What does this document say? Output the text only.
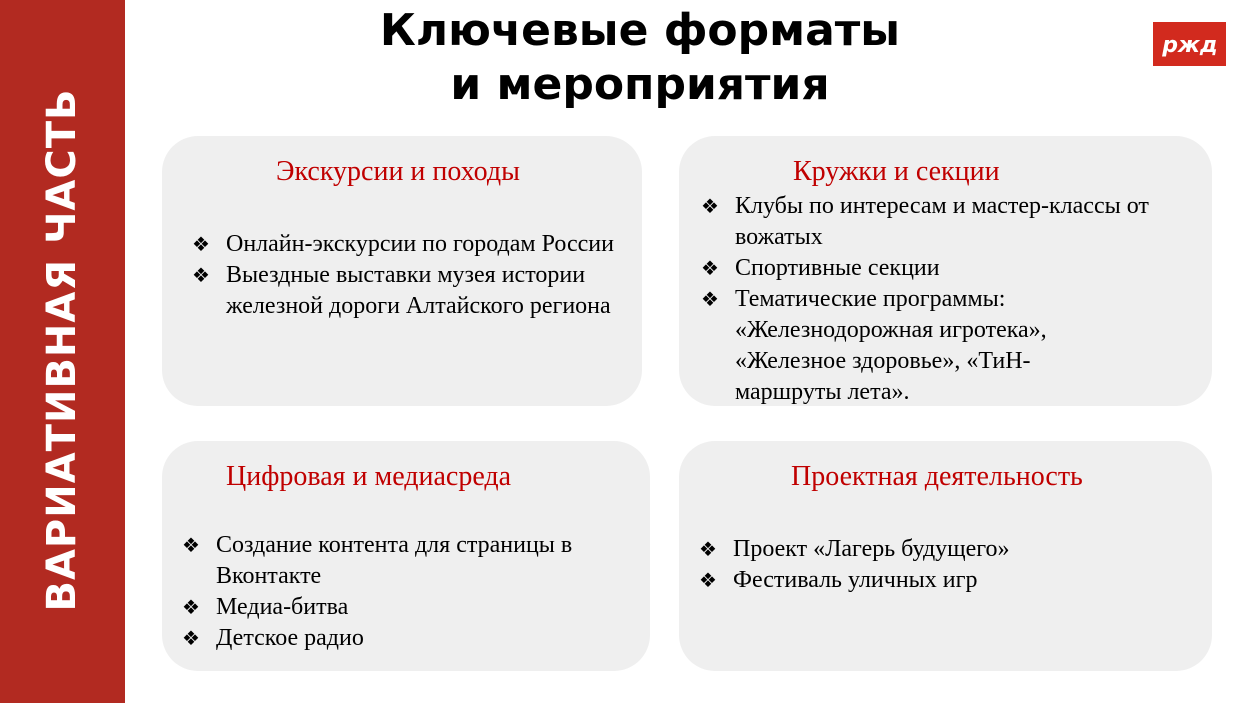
ВАРИАТИВНАЯ ЧАСТЬ
Ключевые форматы
и мероприятия
ржд
Экскурсии и походы
❖ Онлайн-экскурсии по городам России
❖ Выездные выставки музея истории железной дороги Алтайского региона
Кружки и секции
❖ Клубы по интересам и мастер-классы от вожатых
❖ Спортивные секции
❖ Тематические программы: «Железнодорожная игротека», «Железное здоровье», «ТиН-маршруты лета».
Цифровая и медиасреда
❖ Создание контента для страницы в Вконтакте
❖ Медиа-битва
❖ Детское радио
Проектная деятельность
❖ Проект «Лагерь будущего»
❖ Фестиваль уличных игр
